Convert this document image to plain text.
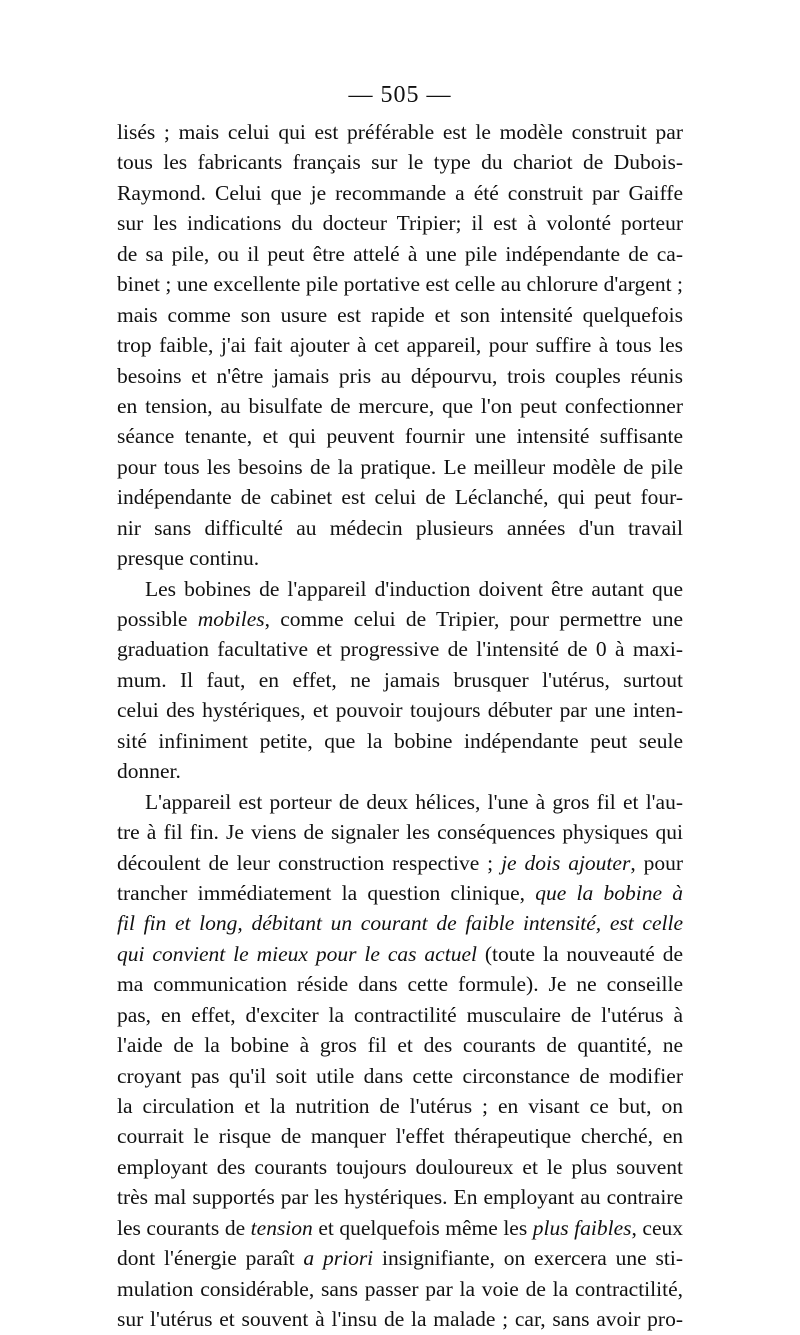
— 505 —
lisés ; mais celui qui est préférable est le modèle construit par
tous les fabricants français sur le type du chariot de Dubois-
Raymond. Celui que je recommande a été construit par Gaiffe
sur les indications du docteur Tripier; il est à volonté porteur
de sa pile, ou il peut être attelé à une pile indépendante de ca-
binet ; une excellente pile portative est celle au chlorure d'argent ;
mais comme son usure est rapide et son intensité quelquefois
trop faible, j'ai fait ajouter à cet appareil, pour suffire à tous les
besoins et n'être jamais pris au dépourvu, trois couples réunis
en tension, au bisulfate de mercure, que l'on peut confectionner
séance tenante, et qui peuvent fournir une intensité suffisante
pour tous les besoins de la pratique. Le meilleur modèle de pile
indépendante de cabinet est celui de Léclanché, qui peut four-
nir sans difficulté au médecin plusieurs années d'un travail
presque continu.
Les bobines de l'appareil d'induction doivent être autant que
possible mobiles, comme celui de Tripier, pour permettre une
graduation facultative et progressive de l'intensité de 0 à maxi-
mum. Il faut, en effet, ne jamais brusquer l'utérus, surtout
celui des hystériques, et pouvoir toujours débuter par une inten-
sité infiniment petite, que la bobine indépendante peut seule
donner.
L'appareil est porteur de deux hélices, l'une à gros fil et l'au-
tre à fil fin. Je viens de signaler les conséquences physiques qui
découlent de leur construction respective ; je dois ajouter, pour
trancher immédiatement la question clinique, que la bobine à
fil fin et long, débitant un courant de faible intensité, est celle
qui convient le mieux pour le cas actuel (toute la nouveauté de
ma communication réside dans cette formule). Je ne conseille
pas, en effet, d'exciter la contractilité musculaire de l'utérus à
l'aide de la bobine à gros fil et des courants de quantité, ne
croyant pas qu'il soit utile dans cette circonstance de modifier
la circulation et la nutrition de l'utérus ; en visant ce but, on
courrait le risque de manquer l'effet thérapeutique cherché, en
employant des courants toujours douloureux et le plus souvent
très mal supportés par les hystériques. En employant au contraire
les courants de tension et quelquefois même les plus faibles, ceux
dont l'énergie paraît a priori insignifiante, on exercera une sti-
mulation considérable, sans passer par la voie de la contractilité,
sur l'utérus et souvent à l'insu de la malade ; car, sans avoir pro-
